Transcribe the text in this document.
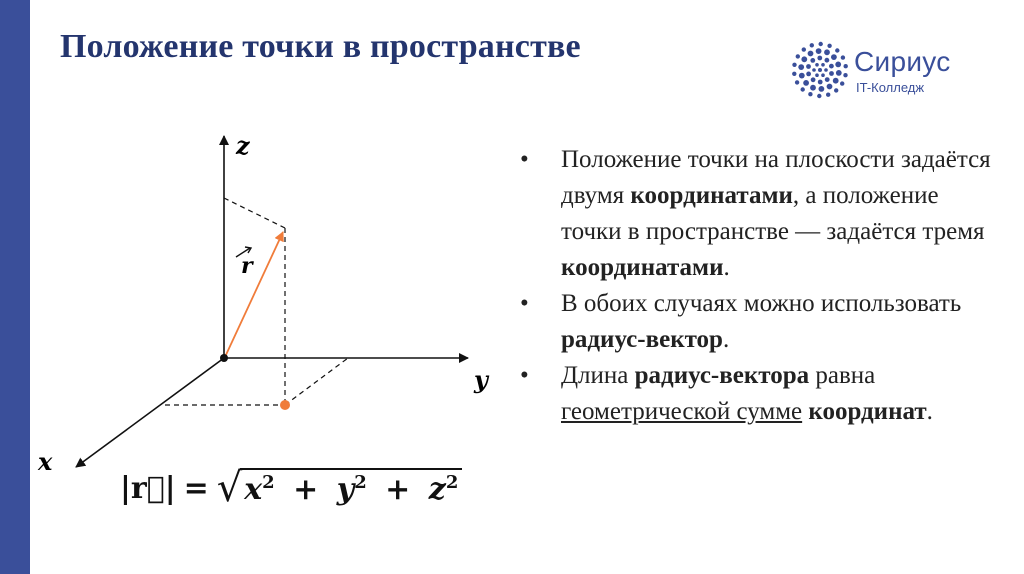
Положение точки в пространстве	Сириус
IT-Колледж
z
y
x
r
|r⃗| = √ $x^2 + y^2 + z^2$
• Положение точки на плоскости задаётся двумя координатами, а положение точки в пространстве — задаётся тремя координатами.
• В обоих случаях можно использовать радиус-вектор.
• Длина радиус-вектора равна геометрической сумме координат.
